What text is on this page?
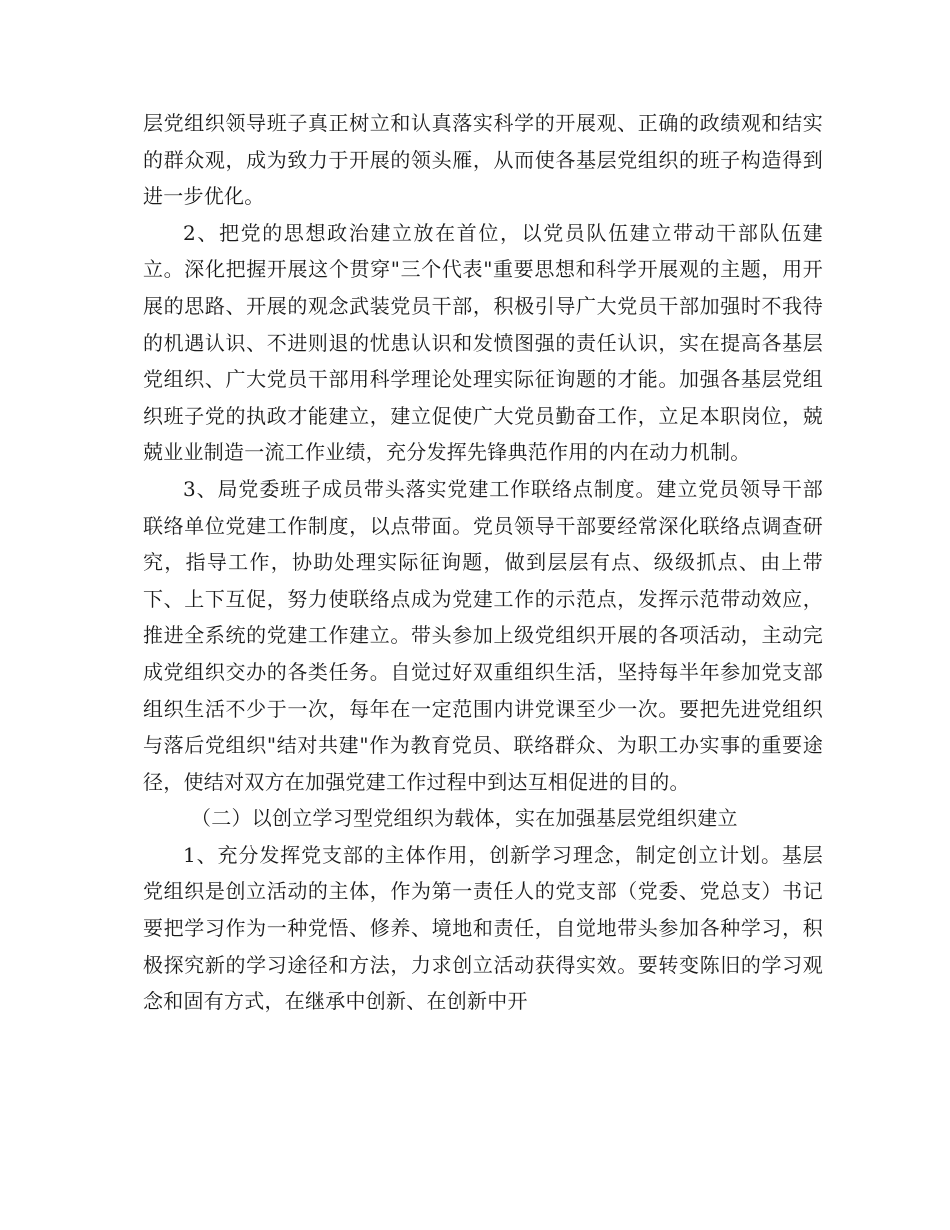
层党组织领导班子真正树立和认真落实科学的开展观、正确的政绩观和结实的群众观，成为致力于开展的领头雁，从而使各基层党组织的班子构造得到进一步优化。

2、把党的思想政治建立放在首位，以党员队伍建立带动干部队伍建立。深化把握开展这个贯穿"三个代表"重要思想和科学开展观的主题，用开展的思路、开展的观念武装党员干部，积极引导广大党员干部加强时不我待的机遇认识、不进则退的忧患认识和发愤图强的责任认识，实在提高各基层党组织、广大党员干部用科学理论处理实际征询题的才能。加强各基层党组织班子党的执政才能建立，建立促使广大党员勤奋工作，立足本职岗位，兢兢业业制造一流工作业绩，充分发挥先锋典范作用的内在动力机制。

3、局党委班子成员带头落实党建工作联络点制度。建立党员领导干部联络单位党建工作制度，以点带面。党员领导干部要经常深化联络点调查研究，指导工作，协助处理实际征询题，做到层层有点、级级抓点、由上带下、上下互促，努力使联络点成为党建工作的示范点，发挥示范带动效应，推进全系统的党建工作建立。带头参加上级党组织开展的各项活动，主动完成党组织交办的各类任务。自觉过好双重组织生活，坚持每半年参加党支部组织生活不少于一次，每年在一定范围内讲党课至少一次。要把先进党组织与落后党组织"结对共建"作为教育党员、联络群众、为职工办实事的重要途径，使结对双方在加强党建工作过程中到达互相促进的目的。

（二）以创立学习型党组织为载体，实在加强基层党组织建立

1、充分发挥党支部的主体作用，创新学习理念，制定创立计划。基层党组织是创立活动的主体，作为第一责任人的党支部（党委、党总支）书记要把学习作为一种党悟、修养、境地和责任，自觉地带头参加各种学习，积极探究新的学习途径和方法，力求创立活动获得实效。要转变陈旧的学习观念和固有方式，在继承中创新、在创新中开
